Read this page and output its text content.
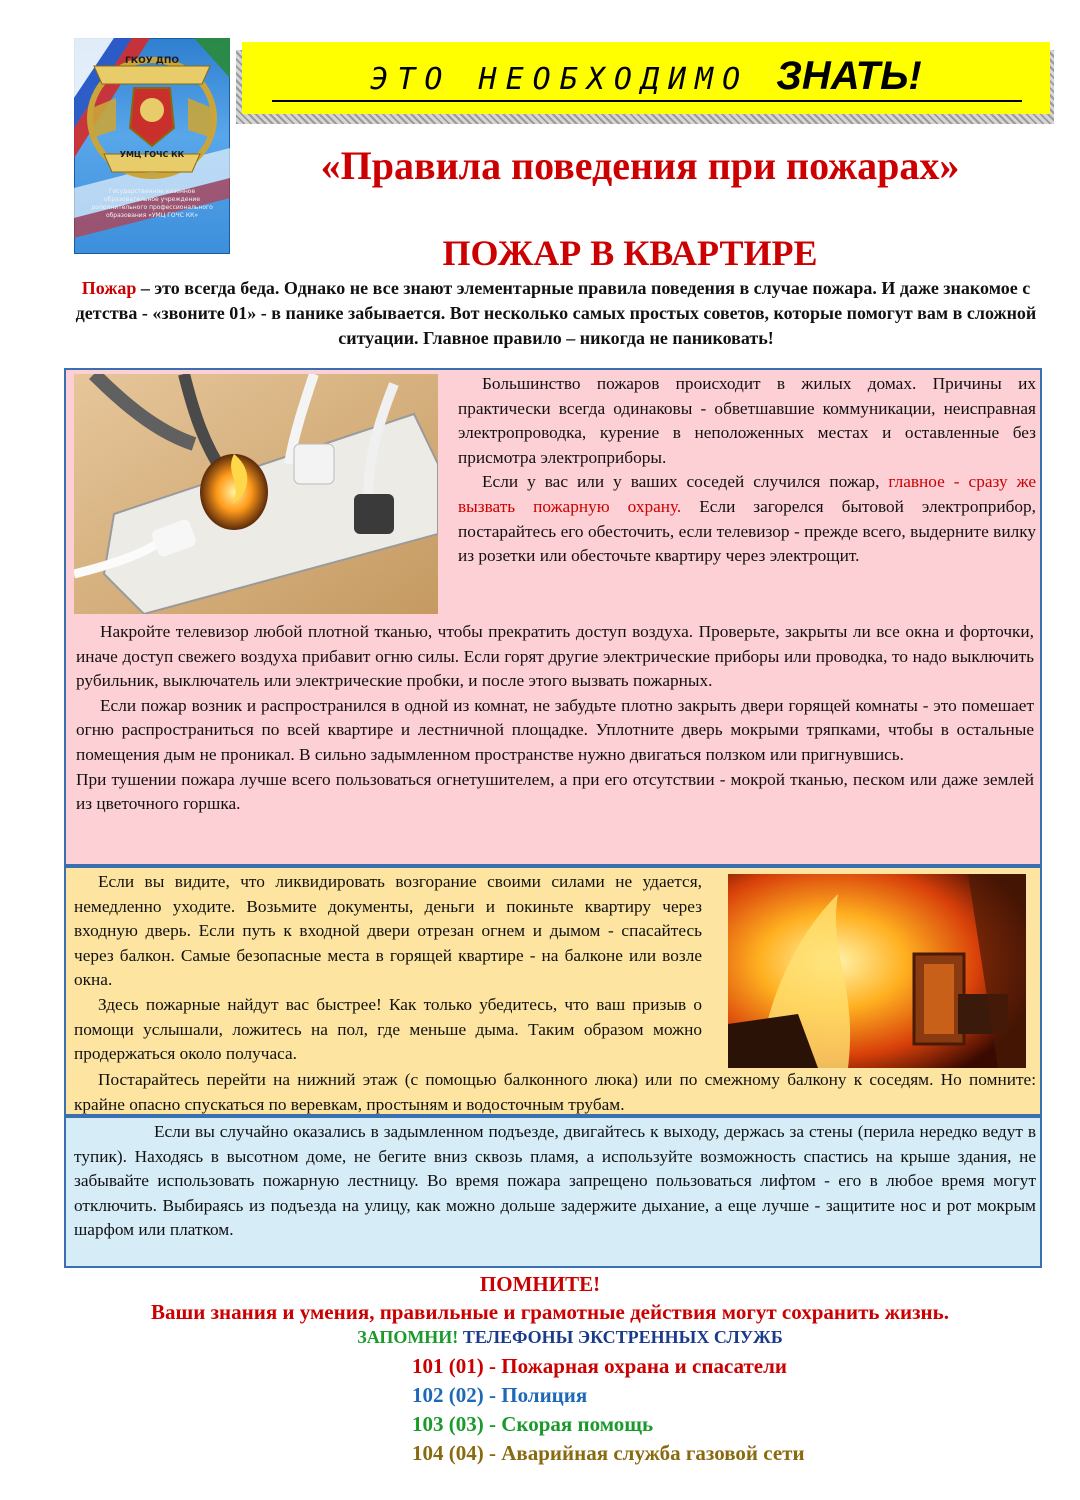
ГКОУ ДПО
УМЦ ГОЧС КК
Государственное казенное образовательное учреждение дополнительного профессионального образования «УМЦ ГОЧС КК»
ЭТО НЕОБХОДИМО ЗНАТЬ!
«Правила поведения при пожарах»
ПОЖАР В КВАРТИРЕ
Пожар – это всегда беда. Однако не все знают элементарные правила поведения в случае пожара. И даже знакомое с детства - «звоните 01» - в панике забывается. Вот несколько самых простых советов, которые помогут вам в сложной ситуации. Главное правило – никогда не паниковать!

Большинство пожаров происходит в жилых домах. Причины их практически всегда одинаковы - обветшавшие коммуникации, неисправная электропроводка, курение в неположенных местах и оставленные без присмотра электроприборы.

Если у вас или у ваших соседей случился пожар, главное - сразу же вызвать пожарную охрану. Если загорелся бытовой электроприбор, постарайтесь его обесточить, если телевизор - прежде всего, выдерните вилку из розетки или обесточьте квартиру через электрощит.

Накройте телевизор любой плотной тканью, чтобы прекратить доступ воздуха. Проверьте, закрыты ли все окна и форточки, иначе доступ свежего воздуха прибавит огню силы. Если горят другие электрические приборы или проводка, то надо выключить рубильник, выключатель или электрические пробки, и после этого вызвать пожарных.

Если пожар возник и распространился в одной из комнат, не забудьте плотно закрыть двери горящей комнаты - это помешает огню распространиться по всей квартире и лестничной площадке. Уплотните дверь мокрыми тряпками, чтобы в остальные помещения дым не проникал. В сильно задымленном пространстве нужно двигаться ползком или пригнувшись.

При тушении пожара лучше всего пользоваться огнетушителем, а при его отсутствии - мокрой тканью, песком или даже землей из цветочного горшка.

Если вы видите, что ликвидировать возгорание своими силами не удается, немедленно уходите. Возьмите документы, деньги и покиньте квартиру через входную дверь. Если путь к входной двери отрезан огнем и дымом - спасайтесь через балкон. Самые безопасные места в горящей квартире - на балконе или возле окна.

Здесь пожарные найдут вас быстрее! Как только убедитесь, что ваш призыв о помощи услышали, ложитесь на пол, где меньше дыма. Таким образом можно продержаться около получаса.

Постарайтесь перейти на нижний этаж (с помощью балконного люка) или по смежному балкону к соседям. Но помните: крайне опасно спускаться по веревкам, простыням и водосточным трубам.

Если вы случайно оказались в задымленном подъезде, двигайтесь к выходу, держась за стены (перила нередко ведут в тупик). Находясь в высотном доме, не бегите вниз сквозь пламя, а используйте возможность спастись на крыше здания, не забывайте использовать пожарную лестницу. Во время пожара запрещено пользоваться лифтом - его в любое время могут отключить. Выбираясь из подъезда на улицу, как можно дольше задержите дыхание, а еще лучше - защитите нос и рот мокрым шарфом или платком.

ПОМНИТЕ!
Ваши знания и умения, правильные и грамотные действия могут сохранить жизнь.
ЗАПОМНИ! ТЕЛЕФОНЫ ЭКСТРЕННЫХ СЛУЖБ
101 (01) - Пожарная охрана и спасатели
102 (02) - Полиция
103 (03) - Скорая помощь
104 (04) - Аварийная служба газовой сети
